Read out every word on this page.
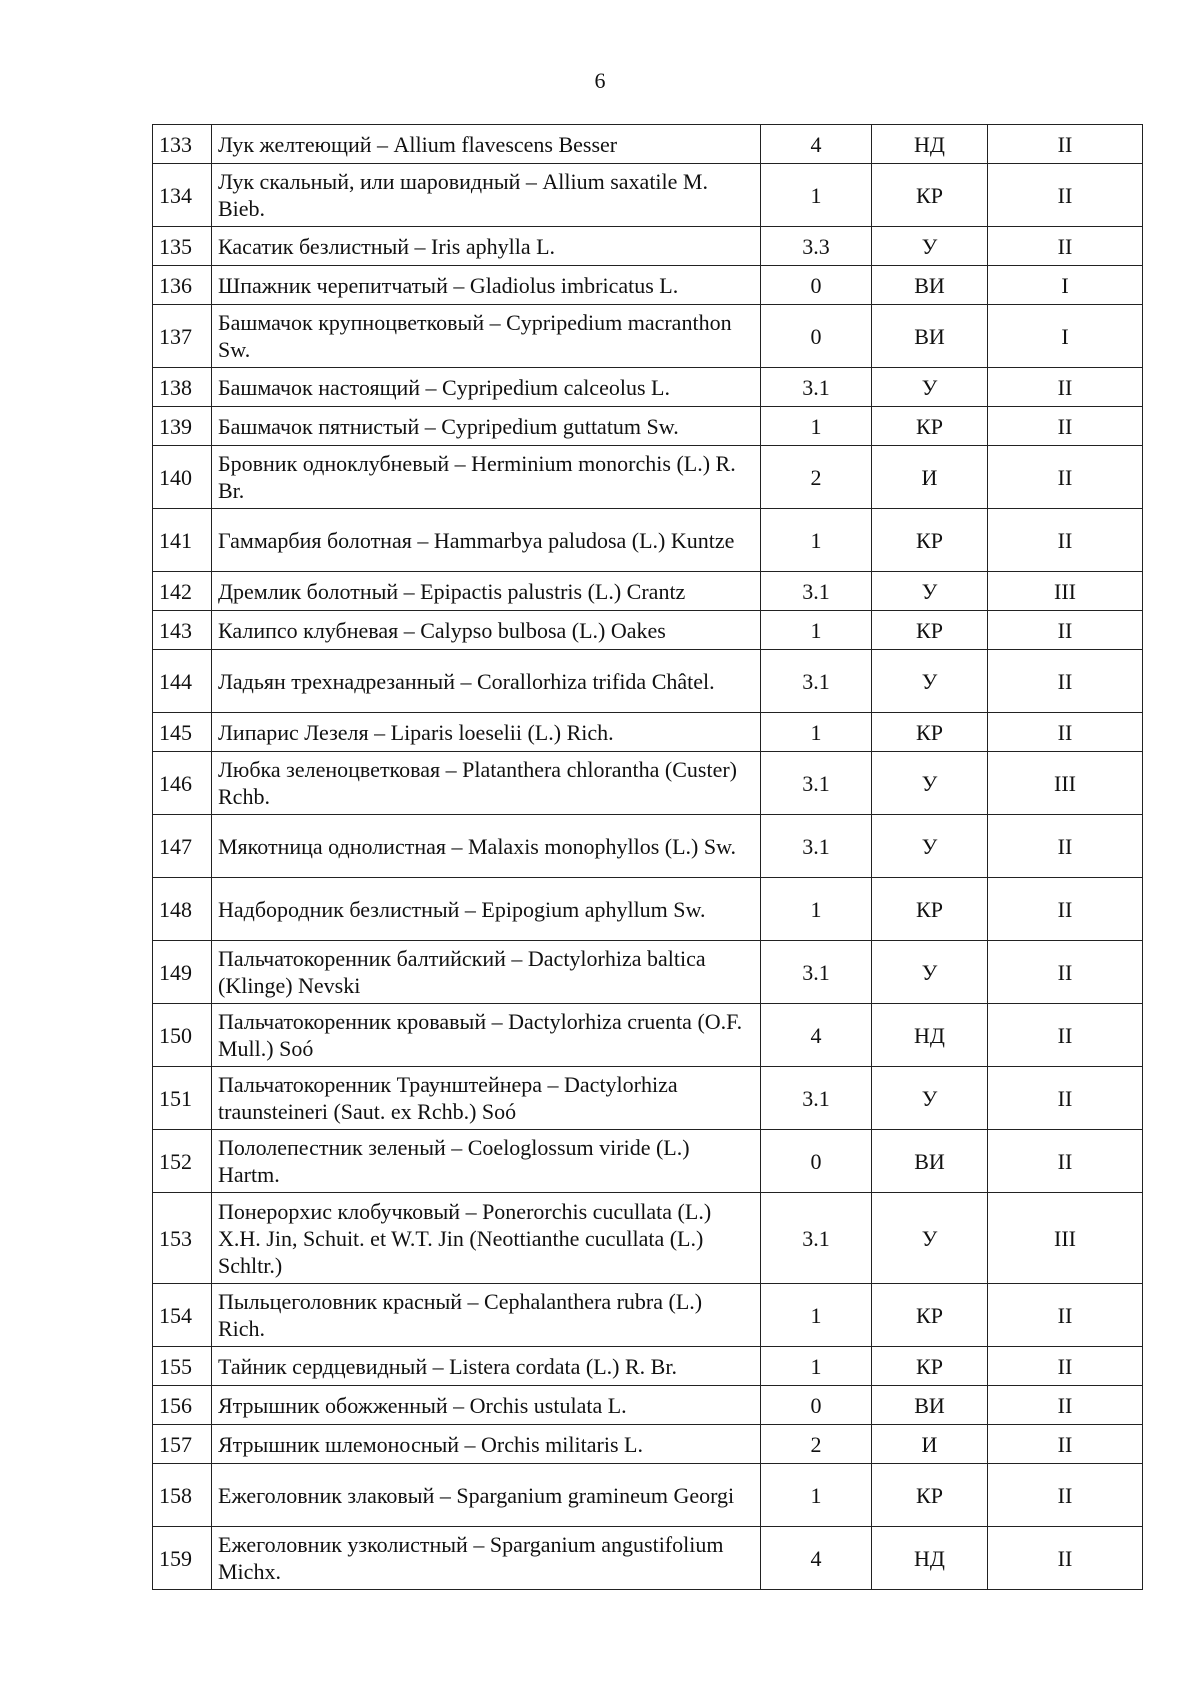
6
133	Лук желтеющий – Allium flavescens Besser	4	НД	II
134	Лук скальный, или шаровидный – Allium saxatile M. Bieb.	1	КР	II
135	Касатик безлистный – Iris aphylla L.	3.3	У	II
136	Шпажник черепитчатый – Gladiolus imbricatus L.	0	ВИ	I
137	Башмачок крупноцветковый – Cypripedium macranthon Sw.	0	ВИ	I
138	Башмачок настоящий – Cypripedium calceolus L.	3.1	У	II
139	Башмачок пятнистый – Cypripedium guttatum Sw.	1	КР	II
140	Бровник одноклубневый – Herminium monorchis (L.) R. Br.	2	И	II
141	Гаммарбия болотная – Hammarbya paludosa (L.) Kuntze	1	КР	II
142	Дремлик болотный – Epipactis palustris (L.) Crantz	3.1	У	III
143	Калипсо клубневая – Calypso bulbosa (L.) Oakes	1	КР	II
144	Ладьян трехнадрезанный – Corallorhiza trifida Châtel.	3.1	У	II
145	Липарис Лезеля – Liparis loeselii (L.) Rich.	1	КР	II
146	Любка зеленоцветковая – Platanthera chlorantha (Custer) Rchb.	3.1	У	III
147	Мякотница однолистная – Malaxis monophyllos (L.) Sw.	3.1	У	II
148	Надбородник безлистный – Epipogium aphyllum Sw.	1	КР	II
149	Пальчатокоренник балтийский – Dactylorhiza baltica (Klinge) Nevski	3.1	У	II
150	Пальчатокоренник кровавый – Dactylorhiza cruenta (O.F. Mull.) Soó	4	НД	II
151	Пальчатокоренник Траунштейнера – Dactylorhiza traunsteineri (Saut. ex Rchb.) Soó	3.1	У	II
152	Пололепестник зеленый – Coeloglossum viride (L.) Hartm.	0	ВИ	II
153	Понерорхис клобучковый – Ponerorchis cucullata (L.) X.H. Jin, Schuit. et W.T. Jin (Neottianthe cucullata (L.) Schltr.)	3.1	У	III
154	Пыльцеголовник красный – Cephalanthera rubra (L.) Rich.	1	КР	II
155	Тайник сердцевидный – Listera cordata (L.) R. Br.	1	КР	II
156	Ятрышник обожженный – Orchis ustulata L.	0	ВИ	II
157	Ятрышник шлемоносный – Orchis militaris L.	2	И	II
158	Ежеголовник злаковый – Sparganium gramineum Georgi	1	КР	II
159	Ежеголовник узколистный – Sparganium angustifolium Michx.	4	НД	II
